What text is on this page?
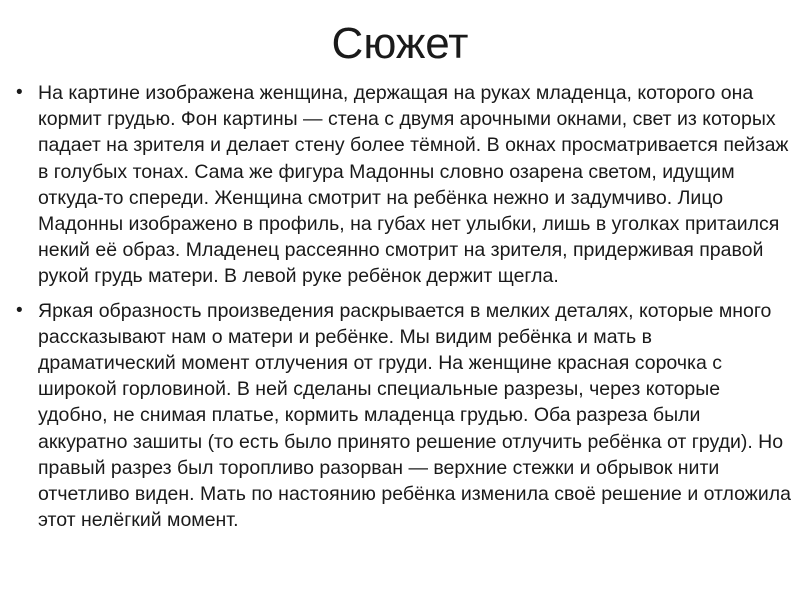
Сюжет
• На картине изображена женщина, держащая на руках младенца, которого она кормит грудью. Фон картины — стена с двумя арочными окнами, свет из которых падает на зрителя и делает стену более тёмной. В окнах просматривается пейзаж в голубых тонах. Сама же фигура Мадонны словно озарена светом, идущим откуда-то спереди. Женщина смотрит на ребёнка нежно и задумчиво. Лицо Мадонны изображено в профиль, на губах нет улыбки, лишь в уголках притаился некий её образ. Младенец рассеянно смотрит на зрителя, придерживая правой рукой грудь матери. В левой руке ребёнок держит щегла.
• Яркая образность произведения раскрывается в мелких деталях, которые много рассказывают нам о матери и ребёнке. Мы видим ребёнка и мать в драматический момент отлучения от груди. На женщине красная сорочка с широкой горловиной. В ней сделаны специальные разрезы, через которые удобно, не снимая платье, кормить младенца грудью. Оба разреза были аккуратно зашиты (то есть было принято решение отлучить ребёнка от груди). Но правый разрез был торопливо разорван — верхние стежки и обрывок нити отчетливо виден. Мать по настоянию ребёнка изменила своё решение и отложила этот нелёгкий момент.
